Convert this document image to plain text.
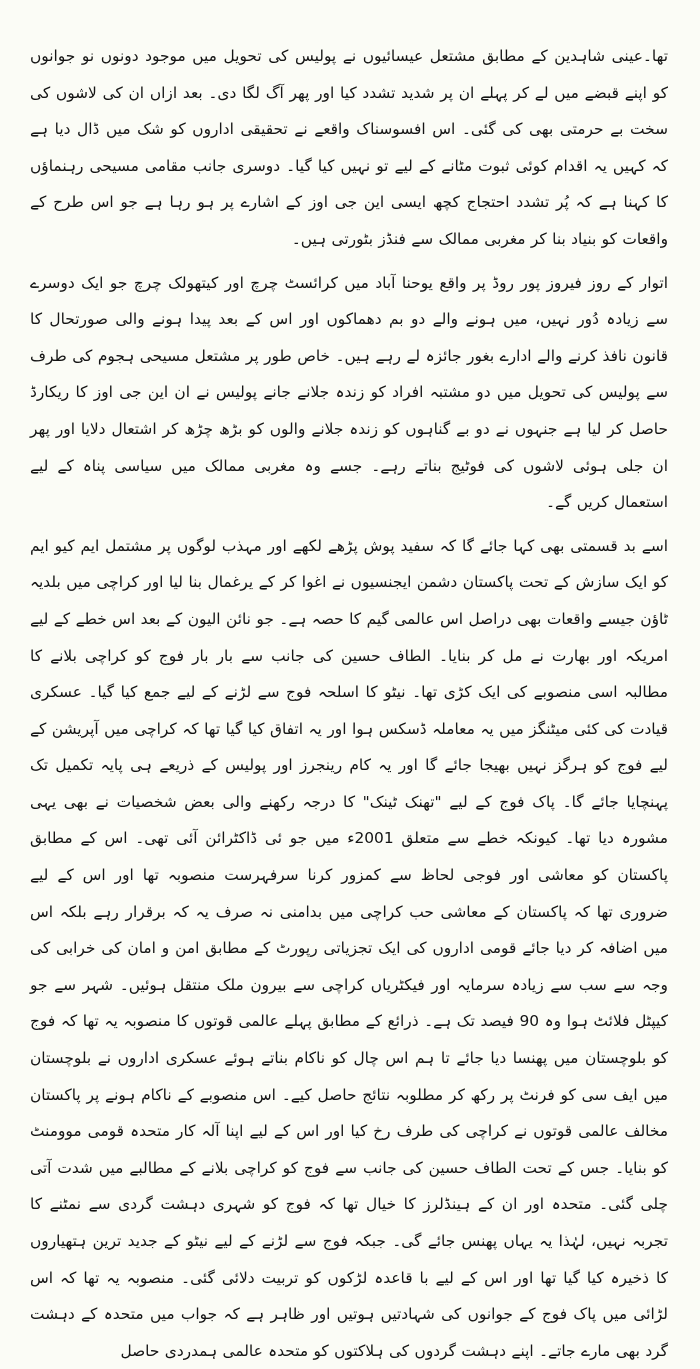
تھا۔عینی شاہدین کے مطابق مشتعل عیسائیوں نے پولیس کی تحویل میں موجود دونوں نو جوانوں کو اپنے قبضے میں لے کر پہلے ان پر شدید تشدد کیا اور پھر آگ لگا دی۔ بعد ازاں ان کی لاشوں کی سخت بے حرمتی بھی کی گئی۔ اس افسوسناک واقعے نے تحقیقی اداروں کو شک میں ڈال دیا ہے کہ کہیں یہ اقدام کوئی ثبوت مٹانے کے لیے تو نہیں کیا گیا۔ دوسری جانب مقامی مسیحی رہنماؤں کا کہنا ہے کہ پُر تشدد احتجاج کچھ ایسی این جی اوز کے اشارے پر ہو رہا ہے جو اس طرح کے واقعات کو بنیاد بنا کر مغربی ممالک سے فنڈز بٹورتی ہیں۔

اتوار کے روز فیروز پور روڈ پر واقع یوحنا آباد میں کرائسٹ چرچ اور کیتھولک چرچ جو ایک دوسرے سے زیادہ دُور نہیں، میں ہونے والے دو بم دھماکوں اور اس کے بعد پیدا ہونے والی صورتحال کا قانون نافذ کرنے والے ادارے بغور جائزہ لے رہے ہیں۔ خاص طور پر مشتعل مسیحی ہجوم کی طرف سے پولیس کی تحویل میں دو مشتبہ افراد کو زندہ جلانے جانے پولیس نے ان این جی اوز کا ریکارڈ حاصل کر لیا ہے جنہوں نے دو بے گناہوں کو زندہ جلانے والوں کو بڑھ چڑھ کر اشتعال دلایا اور پھر ان جلی ہوئی لاشوں کی فوٹیج بناتے رہے۔ جسے وہ مغربی ممالک میں سیاسی پناہ کے لیے استعمال کریں گے۔

اسے بد قسمتی بھی کہا جائے گا کہ سفید پوش پڑھے لکھے اور مہذب لوگوں پر مشتمل ایم کیو ایم کو ایک سازش کے تحت پاکستان دشمن ایجنسیوں نے اغوا کر کے یرغمال بنا لیا اور کراچی میں بلدیہ ٹاؤن جیسے واقعات بھی دراصل اس عالمی گیم کا حصہ ہے۔ جو نائن الیون کے بعد اس خطے کے لیے امریکہ اور بھارت نے مل کر بنایا۔ الطاف حسین کی جانب سے بار بار فوج کو کراچی بلانے کا مطالبہ اسی منصوبے کی ایک کڑی تھا۔ نیٹو کا اسلحہ فوج سے لڑنے کے لیے جمع کیا گیا۔ عسکری قیادت کی کئی میٹنگز میں یہ معاملہ ڈسکس ہوا اور یہ اتفاق کیا گیا تھا کہ کراچی میں آپریشن کے لیے فوج کو ہرگز نہیں بھیجا جائے گا اور یہ کام رینجرز اور پولیس کے ذریعے ہی پایہ تکمیل تک پہنچایا جائے گا۔ پاک فوج کے لیے "تھنک ٹینک" کا درجہ رکھنے والی بعض شخصیات نے بھی یہی مشورہ دیا تھا۔ کیونکہ خطے سے متعلق 2001ء میں جو ئی ڈاکٹرائن آئی تھی۔ اس کے مطابق پاکستان کو معاشی اور فوجی لحاظ سے کمزور کرنا سرفہرست منصوبہ تھا اور اس کے لیے ضروری تھا کہ پاکستان کے معاشی حب کراچی میں بدامنی نہ صرف یہ کہ برقرار رہے بلکہ اس میں اضافہ کر دیا جائے قومی اداروں کی ایک تجزیاتی رپورٹ کے مطابق امن و امان کی خرابی کی وجہ سے سب سے زیادہ سرمایہ اور فیکٹریاں کراچی سے بیرون ملک منتقل ہوئیں۔ شہر سے جو کیپٹل فلائٹ ہوا وہ 90 فیصد تک ہے۔ ذرائع کے مطابق پہلے عالمی قوتوں کا منصوبہ یہ تھا کہ فوج کو بلوچستان میں پھنسا دیا جائے تا ہم اس چال کو ناکام بناتے ہوئے عسکری اداروں نے بلوچستان میں ایف سی کو فرنٹ پر رکھ کر مطلوبہ نتائج حاصل کیے۔ اس منصوبے کے ناکام ہونے پر پاکستان مخالف عالمی قوتوں نے کراچی کی طرف رخ کیا اور اس کے لیے اپنا آلہ کار متحدہ قومی موومنٹ کو بنایا۔ جس کے تحت الطاف حسین کی جانب سے فوج کو کراچی بلانے کے مطالبے میں شدت آتی چلی گئی۔ متحدہ اور ان کے ہینڈلرز کا خیال تھا کہ فوج کو شہری دہشت گردی سے نمٹنے کا تجربہ نہیں، لہٰذا یہ یہاں پھنس جائے گی۔ جبکہ فوج سے لڑنے کے لیے نیٹو کے جدید ترین ہتھیاروں کا ذخیرہ کیا گیا تھا اور اس کے لیے با قاعدہ لڑکوں کو تربیت دلائی گئی۔ منصوبہ یہ تھا کہ اس لڑائی میں پاک فوج کے جوانوں کی شہادتیں ہوتیں اور ظاہر ہے کہ جواب میں متحدہ کے دہشت گرد بھی مارے جاتے۔ اپنے دہشت گردوں کی ہلاکتوں کو متحدہ عالمی ہمدردی حاصل
